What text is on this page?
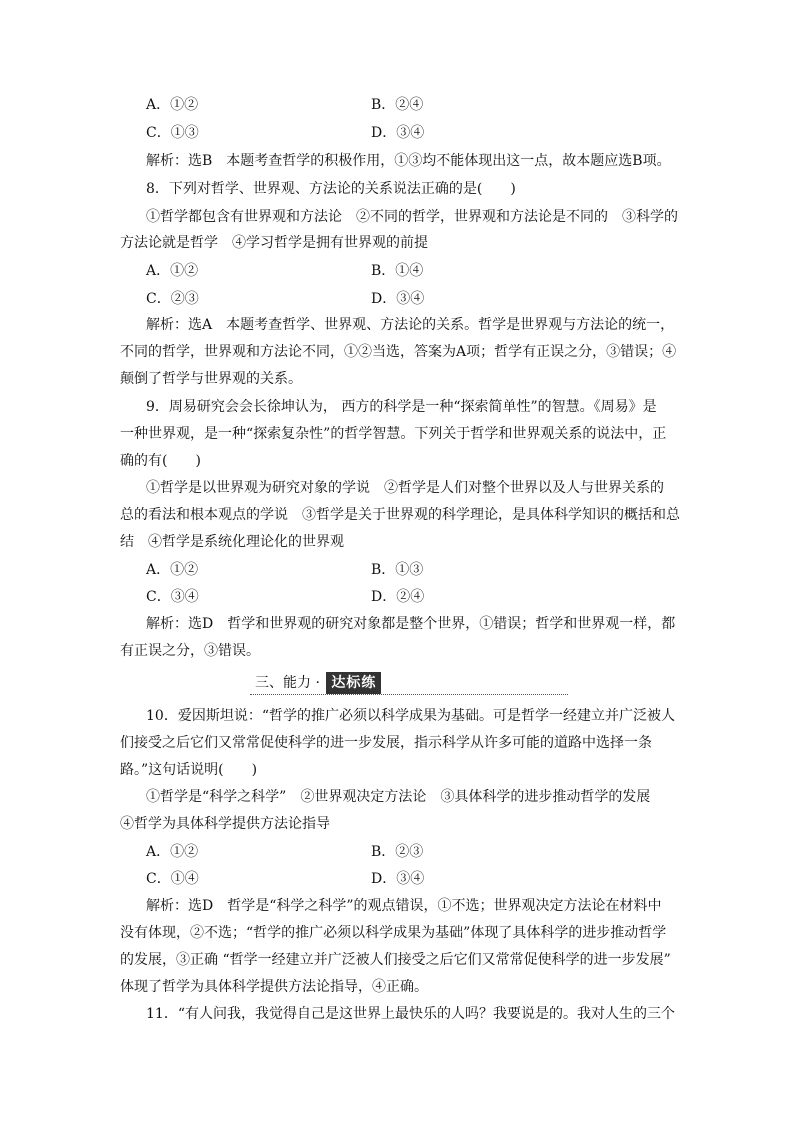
A．①②	B．②④
C．①③	D．③④
解析：选B　本题考查哲学的积极作用，①③均不能体现出这一点，故本题应选B项。
8．下列对哲学、世界观、方法论的关系说法正确的是(　　)
①哲学都包含有世界观和方法论　②不同的哲学，世界观和方法论是不同的　③科学的
方法论就是哲学　④学习哲学是拥有世界观的前提
A．①②	B．①④
C．②③	D．③④
解析：选A　本题考查哲学、世界观、方法论的关系。哲学是世界观与方法论的统一，
不同的哲学，世界观和方法论不同，①②当选，答案为A项；哲学有正误之分，③错误；④
颠倒了哲学与世界观的关系。
9．周易研究会会长徐坤认为， 西方的科学是一种“探索简单性”的智慧。《周易》是
一种世界观，是一种“探索复杂性”的哲学智慧。下列关于哲学和世界观关系的说法中，正
确的有(　　)
①哲学是以世界观为研究对象的学说　②哲学是人们对整个世界以及人与世界关系的
总的看法和根本观点的学说　③哲学是关于世界观的科学理论，是具体科学知识的概括和总
结　④哲学是系统化理论化的世界观
A．①②	B．①③
C．③④	D．②④
解析：选D　哲学和世界观的研究对象都是整个世界，①错误；哲学和世界观一样，都
有正误之分，③错误。
三、能力 · 达标练
10．爱因斯坦说：“哲学的推广必须以科学成果为基础。可是哲学一经建立并广泛被人
们接受之后它们又常常促使科学的进一步发展，指示科学从许多可能的道路中选择一条
路。”这句话说明(　　)
①哲学是“科学之科学”　②世界观决定方法论　③具体科学的进步推动哲学的发展
④哲学为具体科学提供方法论指导
A．①②	B．②③
C．①④	D．③④
解析：选D　哲学是“科学之科学”的观点错误，①不选；世界观决定方法论在材料中
没有体现，②不选；“哲学的推广必须以科学成果为基础”体现了具体科学的进步推动哲学
的发展，③正确 “哲学一经建立并广泛被人们接受之后它们又常常促使科学的进一步发展”
体现了哲学为具体科学提供方法论指导，④正确。
11．“有人问我，我觉得自己是这世界上最快乐的人吗？我要说是的。我对人生的三个
